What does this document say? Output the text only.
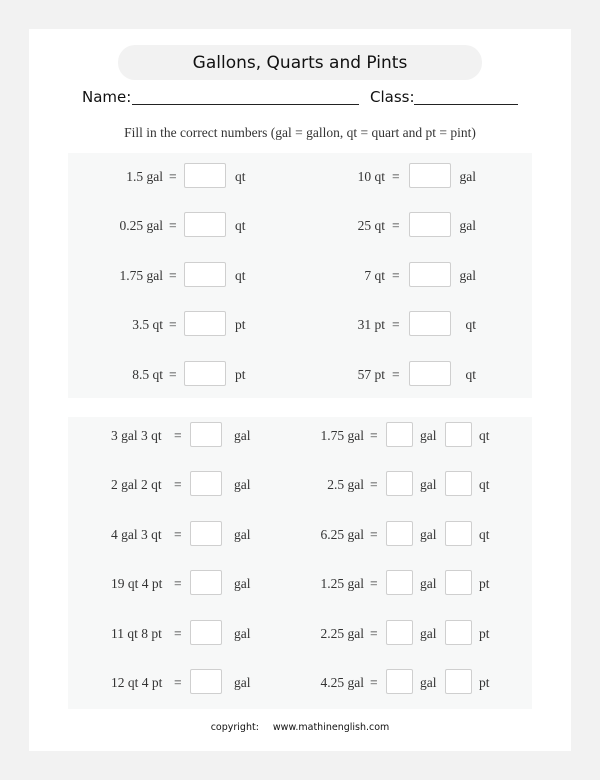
Gallons, Quarts and Pints
Name:	Class:
Fill in the correct numbers (gal = gallon, qt = quart and pt = pint)
1.5 gal =	qt	10 qt =	gal
0.25 gal =	qt	25 qt =	gal
1.75 gal =	qt	7 qt =	gal
3.5 qt =	pt	31 pt =	qt
8.5 qt =	pt	57 pt =	qt
3 gal 3 qt =	gal	1.75 gal =	gal	qt
2 gal 2 qt =	gal	2.5 gal =	gal	qt
4 gal 3 qt =	gal	6.25 gal =	gal	qt
19 qt 4 pt =	gal	1.25 gal =	gal	pt
11 qt 8 pt =	gal	2.25 gal =	gal	pt
12 qt 4 pt =	gal	4.25 gal =	gal	pt
copyright: www.mathinenglish.com
